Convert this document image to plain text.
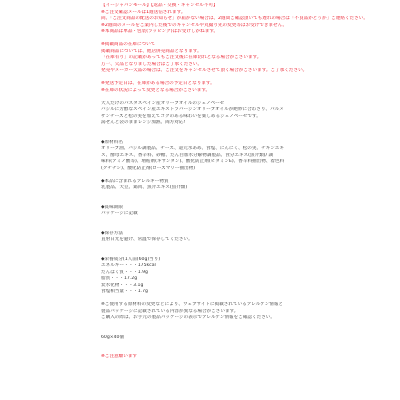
【イージャパンモール】【返品・交換・キャンセル不可】
※ご注文確認メールは1週送信されます。
尚、「ご注文商品の配送のお知らせ」が届かない場合は、2週間ご確認頂いても遅れの場合は「不良品かどうか」ご連絡ください。
※2週間のメールをご案内した後でのキャンセルや丸撮り先の変更等はお受けできません。
※本商品は単品・包装(ラッピング)はお受けしかねます。
※掲載商品の在庫について
掲載商品については、他店併売商品となります。
「在庫有り」の記載があってもご注文後に在庫切れとなる場合がございます。
万一、欠品となりました場合はご了承ください。
発売やメーカー欠品の場合は、ご注文をキャンセルさせて頂く場合がございます。ご了承ください。
※発送予定日は、在庫がある場合の予定日となります。
※在庫の状況によって変更となる場合がございます。
大人だけのパスタスペイン産オリーブオイルのジェノベーゼ
バジルに芳醇なスペイン産エキストラバージンオリーブオイルが絶妙に合わさり、パルメ
ザンチーズと松の実を加えてコクのある味わいを楽しめるジェノベーゼです。
湯せんと袋のままレンジ加熱、両方対応!
◆原材料名
オリーブ油、バジル調製品、チーズ、還元水あめ、食塩、にんにく、松の実、チキンエキ
ス、酵母エキス、香辛料、砂糖、たん白加水分解物調製品、食分エキス(魚介類)/ 調
味料(アミノ酸等)、増粘剤(キサンタン)、酸化防止剤(ビタミンE)、香辛料抽出物、着色料
(クチナシ)、酸化防止剤(ローズマリー抽出物)
◆本品に含まれるアレルギー物質
乳製品、大豆、鶏肉、魚介エキス(魚介類)
◆賞味期限
パッケージに記載
◆保存方法
直射日光を避け、常温で保存してください。
◆栄養成分(1人前(60g)当り)
エネルギー・・・175kcal
たんぱく質・・・1.9g
脂質・・・17.2g
炭水化物・・・3.1g
食塩相当量・・・1.7g
※ご使用する原材料の変更などにより、ウェブサイトに掲載されているアレルゲン情報と
製品パッケージに記載されている内容が異なる場合がございます。
ご購入の際は、お手元の製品パッケージの表示でアレルゲン情報をご確認ください。
60g×40個
※ご注意願います
